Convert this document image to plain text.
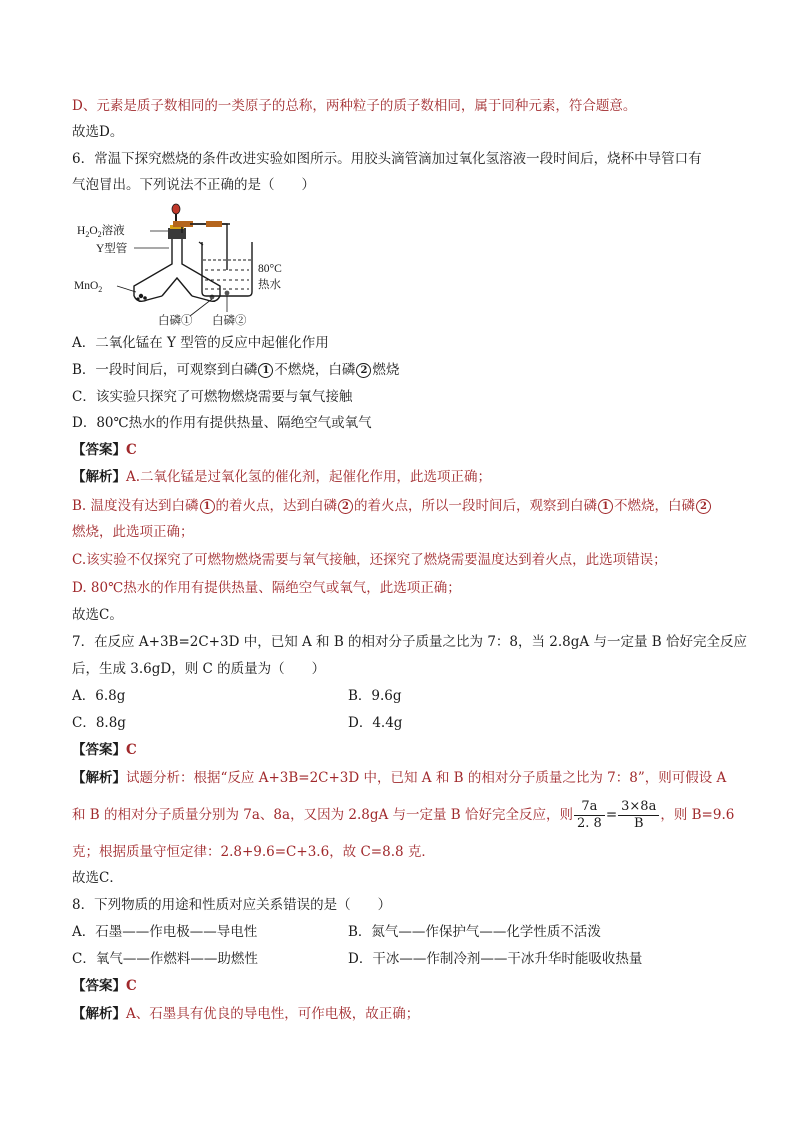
D、元素是质子数相同的一类原子的总称，两种粒子的质子数相同，属于同种元素，符合题意。
故选D。
6．常温下探究燃烧的条件改进实验如图所示。用胶头滴管滴加过氧化氢溶液一段时间后，烧杯中导管口有
气泡冒出。下列说法不正确的是（　　）
$H_2O_2$溶液
Y型管
MnO$_2$
80°C
热水
白磷① 白磷②
A．二氧化锰在 Y 型管的反应中起催化作用
B．一段时间后，可观察到白磷 1 不燃烧，白磷 2 燃烧
C．该实验只探究了可燃物燃烧需要与氧气接触
D．80℃热水的作用有提供热量、隔绝空气或氧气
【答案】C
【解析】A.二氧化锰是过氧化氢的催化剂，起催化作用，此选项正确；
B. 温度没有达到白磷 1 的着火点，达到白磷 2 的着火点，所以一段时间后，观察到白磷 1 不燃烧，白磷 2
燃烧，此选项正确；
C.该实验不仅探究了可燃物燃烧需要与氧气接触，还探究了燃烧需要温度达到着火点，此选项错误；
D. 80℃热水的作用有提供热量、隔绝空气或氧气，此选项正确；
故选C。
7．在反应 A+3B=2C+3D 中，已知 A 和 B 的相对分子质量之比为 7：8，当 2.8gA 与一定量 B 恰好完全反应
后，生成 3.6gD，则 C 的质量为（　　）
A．6.8g	B．9.6g
C．8.8g	D．4.4g
【答案】C
【解析】试题分析：根据“反应 A+3B=2C+3D 中，已知 A 和 B 的相对分子质量之比为 7：8”，则可假设 A
和 B 的相对分子质量分别为 7a、8a，又因为 2.8gA 与一定量 B 恰好完全反应，则 $\frac{7a}{2. 8} = \frac{3\times 8a}{B}$ ，则 B=9.6
克；根据质量守恒定律：2.8+9.6=C+3.6，故 C=8.8 克．
故选C．
8．下列物质的用途和性质对应关系错误的是（　　）
A．石墨——作电极——导电性	B．氮气——作保护气——化学性质不活泼
C．氧气——作燃料——助燃性	D．干冰——作制冷剂——干冰升华时能吸收热量
【答案】C
【解析】A、石墨具有优良的导电性，可作电极，故正确；
